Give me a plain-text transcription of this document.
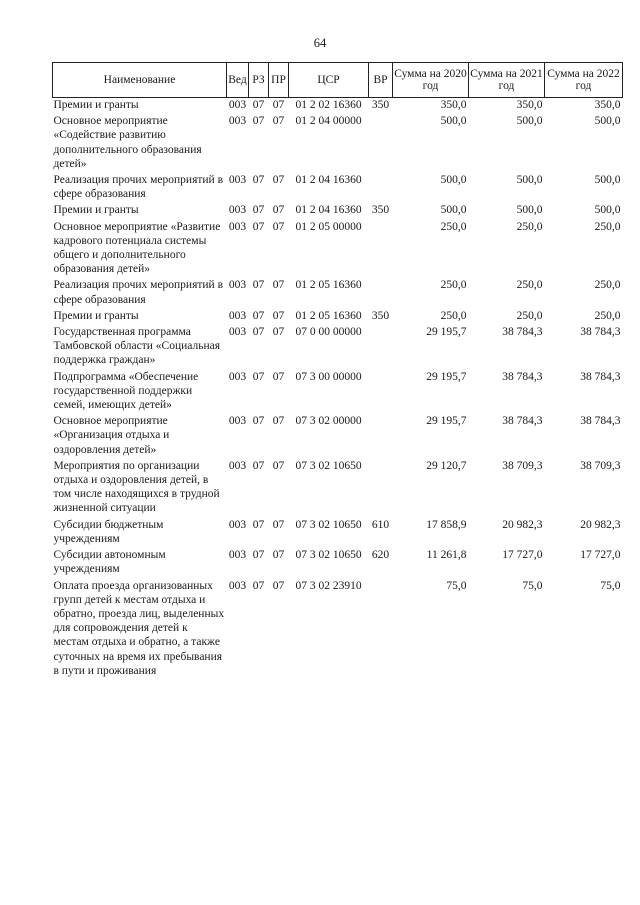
64
Наименование	Вед	РЗ	ПР	ЦСР	ВР	Сумма на 2020 год	Сумма на 2021 год	Сумма на 2022 год
Премии и гранты	003	07	07	01 2 02 16360	350	350,0	350,0	350,0
Основное мероприятие «Содействие развитию дополнительного образования детей»	003	07	07	01 2 04 00000		500,0	500,0	500,0
Реализация прочих мероприятий в сфере образования	003	07	07	01 2 04 16360		500,0	500,0	500,0
Премии и гранты	003	07	07	01 2 04 16360	350	500,0	500,0	500,0
Основное мероприятие «Развитие кадрового потенциала системы общего и дополнительного образования детей»	003	07	07	01 2 05 00000		250,0	250,0	250,0
Реализация прочих мероприятий в сфере образования	003	07	07	01 2 05 16360		250,0	250,0	250,0
Премии и гранты	003	07	07	01 2 05 16360	350	250,0	250,0	250,0
Государственная программа Тамбовской области «Социальная поддержка граждан»	003	07	07	07 0 00 00000		29 195,7	38 784,3	38 784,3
Подпрограмма «Обеспечение государственной поддержки семей, имеющих детей»	003	07	07	07 3 00 00000		29 195,7	38 784,3	38 784,3
Основное мероприятие «Организация отдыха и оздоровления детей»	003	07	07	07 3 02 00000		29 195,7	38 784,3	38 784,3
Мероприятия по организации отдыха и оздоровления детей, в том числе находящихся в трудной жизненной ситуации	003	07	07	07 3 02 10650		29 120,7	38 709,3	38 709,3
Субсидии бюджетным учреждениям	003	07	07	07 3 02 10650	610	17 858,9	20 982,3	20 982,3
Субсидии автономным учреждениям	003	07	07	07 3 02 10650	620	11 261,8	17 727,0	17 727,0
Оплата проезда организованных групп детей к местам отдыха и обратно, проезда лиц, выделенных для сопровождения детей к местам отдыха и обратно, а также суточных на время их пребывания в пути и проживания	003	07	07	07 3 02 23910		75,0	75,0	75,0
